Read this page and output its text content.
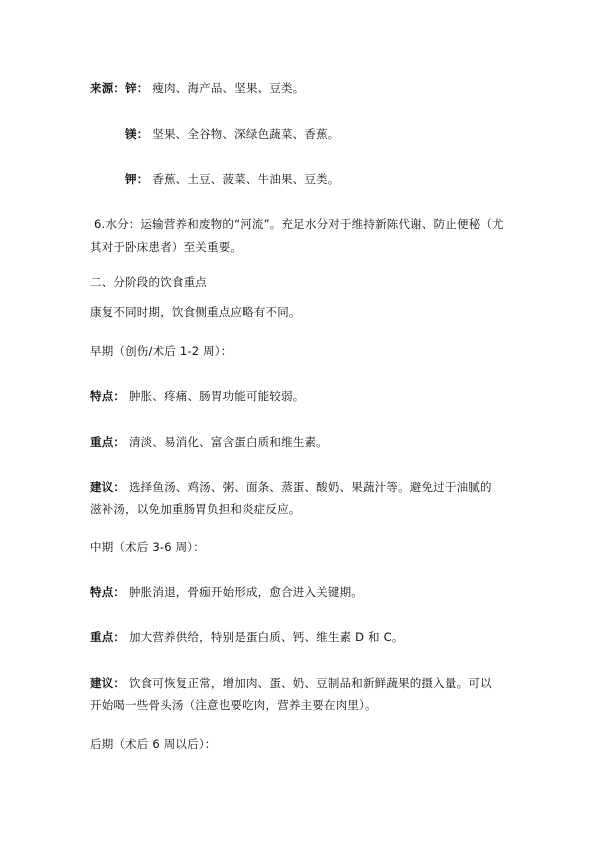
来源：锌： 瘦肉、海产品、坚果、豆类。
镁： 坚果、全谷物、深绿色蔬菜、香蕉。
钾： 香蕉、土豆、菠菜、牛油果、豆类。
6.水分：运输营养和废物的“河流”。充足水分对于维持新陈代谢、防止便秘（尤
其对于卧床患者）至关重要。
二、分阶段的饮食重点
康复不同时期，饮食侧重点应略有不同。
早期（创伤/术后 1-2 周）：
特点： 肿胀、疼痛、肠胃功能可能较弱。
重点： 清淡、易消化、富含蛋白质和维生素。
建议： 选择鱼汤、鸡汤、粥、面条、蒸蛋、酸奶、果蔬汁等。避免过于油腻的
滋补汤，以免加重肠胃负担和炎症反应。
中期（术后 3-6 周）：
特点： 肿胀消退，骨痂开始形成，愈合进入关键期。
重点： 加大营养供给，特别是蛋白质、钙、维生素 D 和 C。
建议： 饮食可恢复正常，增加肉、蛋、奶、豆制品和新鲜蔬果的摄入量。可以
开始喝一些骨头汤（注意也要吃肉，营养主要在肉里）。
后期（术后 6 周以后）：
